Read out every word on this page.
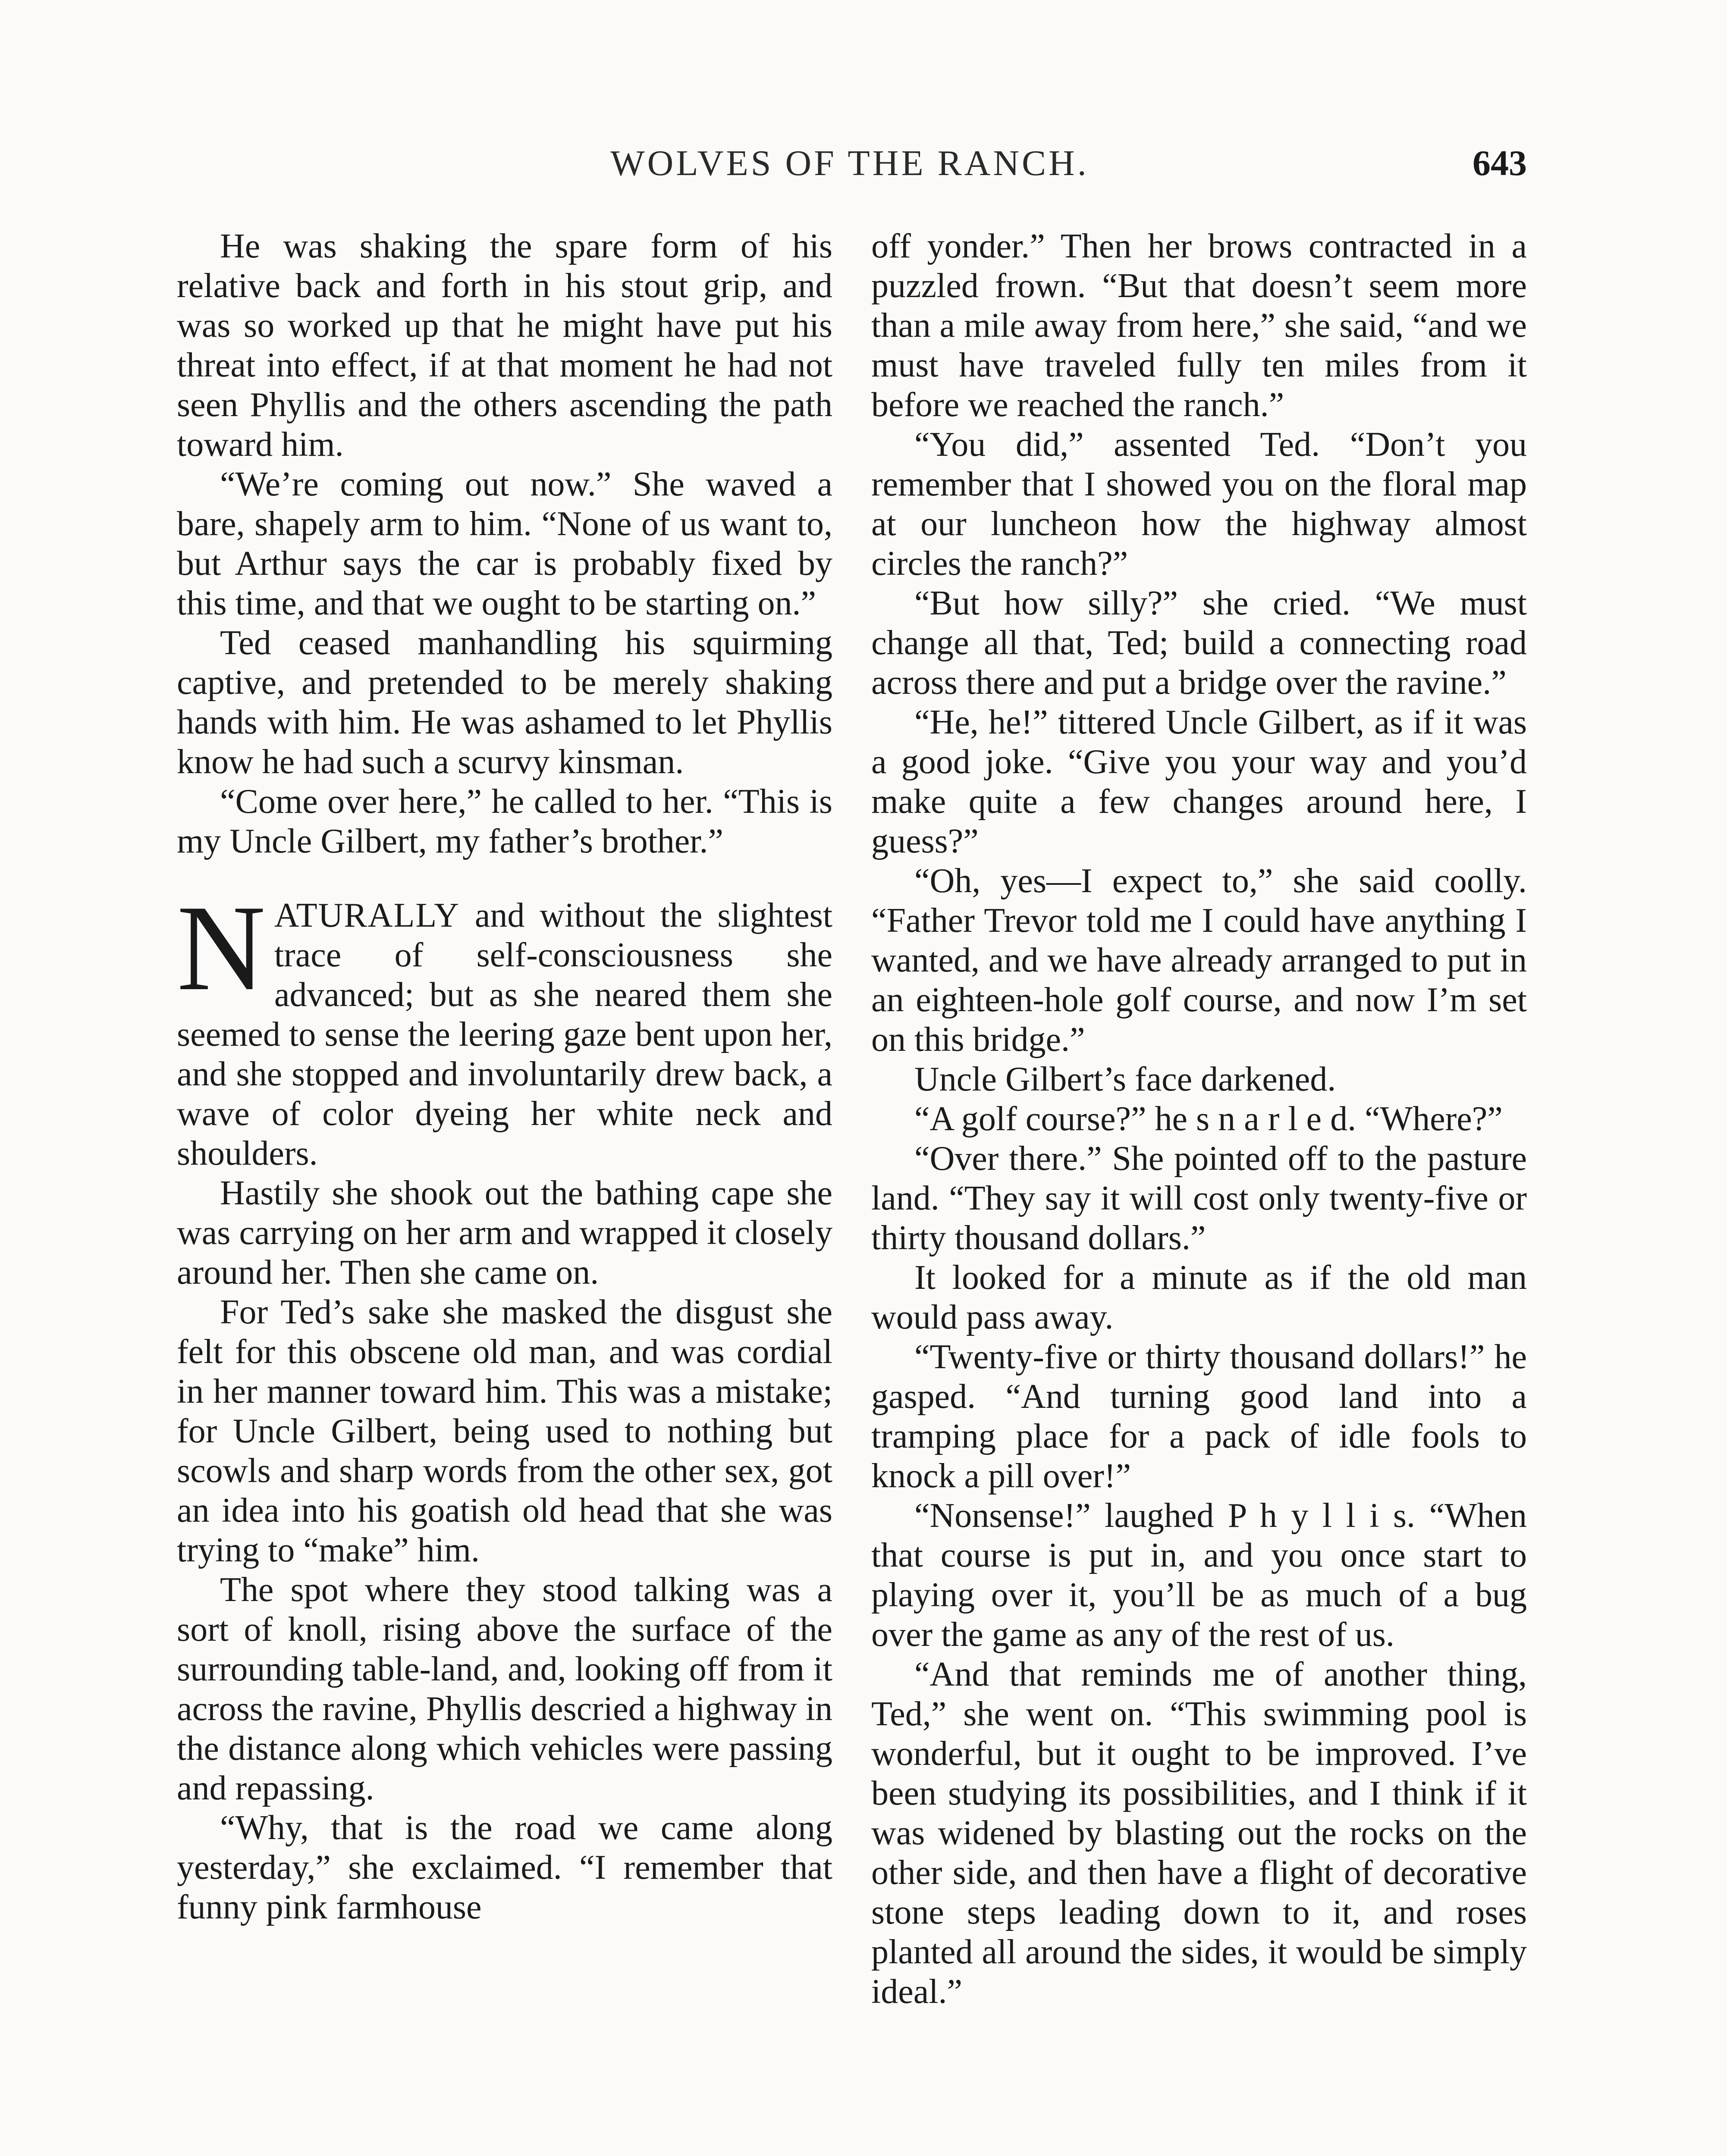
WOLVES OF THE RANCH.	643

He was shaking the spare form of his relative back and forth in his stout grip, and was so worked up that he might have put his threat into effect, if at that moment he had not seen Phyllis and the others ascending the path toward him.

“We’re coming out now.” She waved a bare, shapely arm to him. “None of us want to, but Arthur says the car is probably fixed by this time, and that we ought to be starting on.”

Ted ceased manhandling his squirming captive, and pretended to be merely shaking hands with him. He was ashamed to let Phyllis know he had such a scurvy kinsman.

“Come over here,” he called to her. “This is my Uncle Gilbert, my father’s brother.”

NATURALLY and without the slightest trace of self-consciousness she advanced; but as she neared them she seemed to sense the leering gaze bent upon her, and she stopped and involuntarily drew back, a wave of color dyeing her white neck and shoulders.

Hastily she shook out the bathing cape she was carrying on her arm and wrapped it closely around her. Then she came on.

For Ted’s sake she masked the disgust she felt for this obscene old man, and was cordial in her manner toward him. This was a mistake; for Uncle Gilbert, being used to nothing but scowls and sharp words from the other sex, got an idea into his goatish old head that she was trying to “make” him.

The spot where they stood talking was a sort of knoll, rising above the surface of the surrounding table-land, and, looking off from it across the ravine, Phyllis descried a highway in the distance along which vehicles were passing and repassing.

“Why, that is the road we came along yesterday,” she exclaimed. “I remember that funny pink farmhouse

off yonder.” Then her brows contracted in a puzzled frown. “But that doesn’t seem more than a mile away from here,” she said, “and we must have traveled fully ten miles from it before we reached the ranch.”

“You did,” assented Ted. “Don’t you remember that I showed you on the floral map at our luncheon how the highway almost circles the ranch?”

“But how silly?” she cried. “We must change all that, Ted; build a connecting road across there and put a bridge over the ravine.”

“He, he!” tittered Uncle Gilbert, as if it was a good joke. “Give you your way and you’d make quite a few changes around here, I guess?”

“Oh, yes—I expect to,” she said coolly. “Father Trevor told me I could have anything I wanted, and we have already arranged to put in an eighteen-hole golf course, and now I’m set on this bridge.”

Uncle Gilbert’s face darkened.

“A golf course?” he s n a r l e d. “Where?”

“Over there.” She pointed off to the pasture land. “They say it will cost only twenty-five or thirty thousand dollars.”

It looked for a minute as if the old man would pass away.

“Twenty-five or thirty thousand dollars!” he gasped. “And turning good land into a tramping place for a pack of idle fools to knock a pill over!”

“Nonsense!” laughed P h y l l i s. “When that course is put in, and you once start to playing over it, you’ll be as much of a bug over the game as any of the rest of us.

“And that reminds me of another thing, Ted,” she went on. “This swimming pool is wonderful, but it ought to be improved. I’ve been studying its possibilities, and I think if it was widened by blasting out the rocks on the other side, and then have a flight of decorative stone steps leading down to it, and roses planted all around the sides, it would be simply ideal.”
